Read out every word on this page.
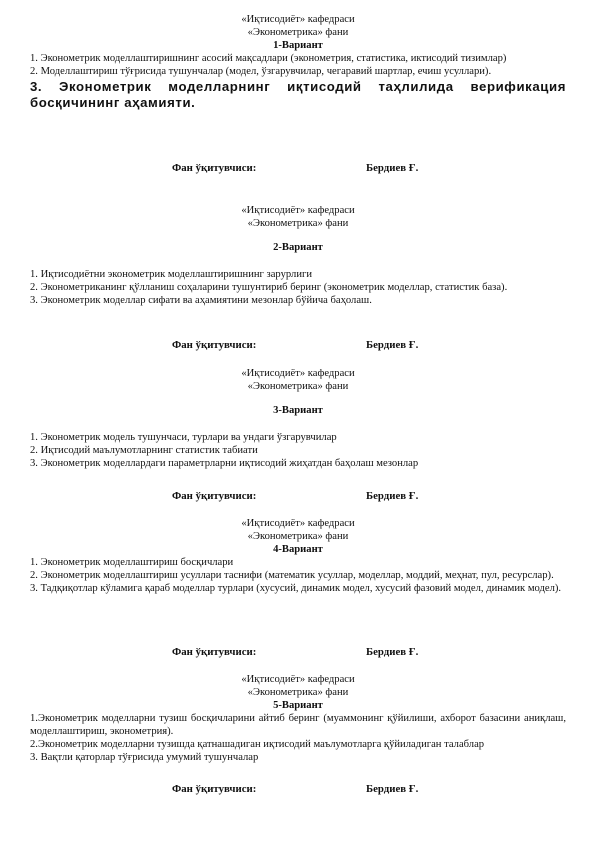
«Иқтисодиёт» кафедраси
«Эконометрика» фани
1-Вариант

1. Эконометрик моделлаштиришнинг асосий мақсадлари (эконометрия, статистика, иктисодий тизимлар)

2. Моделлаштириш тўғрисида тушунчалар (модел, ўзгарувчилар, чегаравий шартлар, ечиш усуллари).

3. Эконометрик моделларнинг иқтисодий таҳлилида верификация босқичининг аҳамияти.

Фан ўқитувчиси:	Бердиев Ғ.
«Иқтисодиёт» кафедраси
«Эконометрика» фани
2-Вариант

1. Иқтисодиётни эконометрик моделлаштиришнинг зарурлиги

2. Эконометриканинг қўлланиш соҳаларини тушунтириб беринг (эконометрик моделлар, статистик база).

3. Эконометрик моделлар сифати ва аҳамиятини мезонлар бўйича баҳолаш.

Фан ўқитувчиси:	Бердиев Ғ.
«Иқтисодиёт» кафедраси
«Эконометрика» фани
3-Вариант

1. Эконометрик модель тушунчаси, турлари ва ундаги ўзгарувчилар

2. Иқтисодий маълумотларнинг статистик табиати

3. Эконометрик моделлардаги параметрларни иқтисодий жиҳатдан баҳолаш мезонлар

Фан ўқитувчиси:	Бердиев Ғ.
«Иқтисодиёт» кафедраси
«Эконометрика» фани
4-Вариант

1. Эконометрик моделлаштириш босқичлари

2. Эконометрик моделлаштириш усуллари таснифи (математик усуллар, моделлар, моддий, меҳнат, пул, ресурслар).

3. Тадқиқотлар кўламига қараб моделлар турлари (хусусий, динамик модел, хусусий фазовий модел, динамик модел).

Фан ўқитувчиси:	Бердиев Ғ.
«Иқтисодиёт» кафедраси
«Эконометрика» фани
5-Вариант

1.Эконометрик моделларни тузиш босқичларини айтиб беринг (муаммонинг қўйилиши, ахборот базасини аниқлаш, моделлаштириш, эконометрия).

2.Эконометрик моделларни тузишда қатнашадиган иқтисодий маълумотларга қўйиладиган талаблар

3. Вақтли қаторлар тўғрисида умумий тушунчалар

Фан ўқитувчиси:	Бердиев Ғ.
